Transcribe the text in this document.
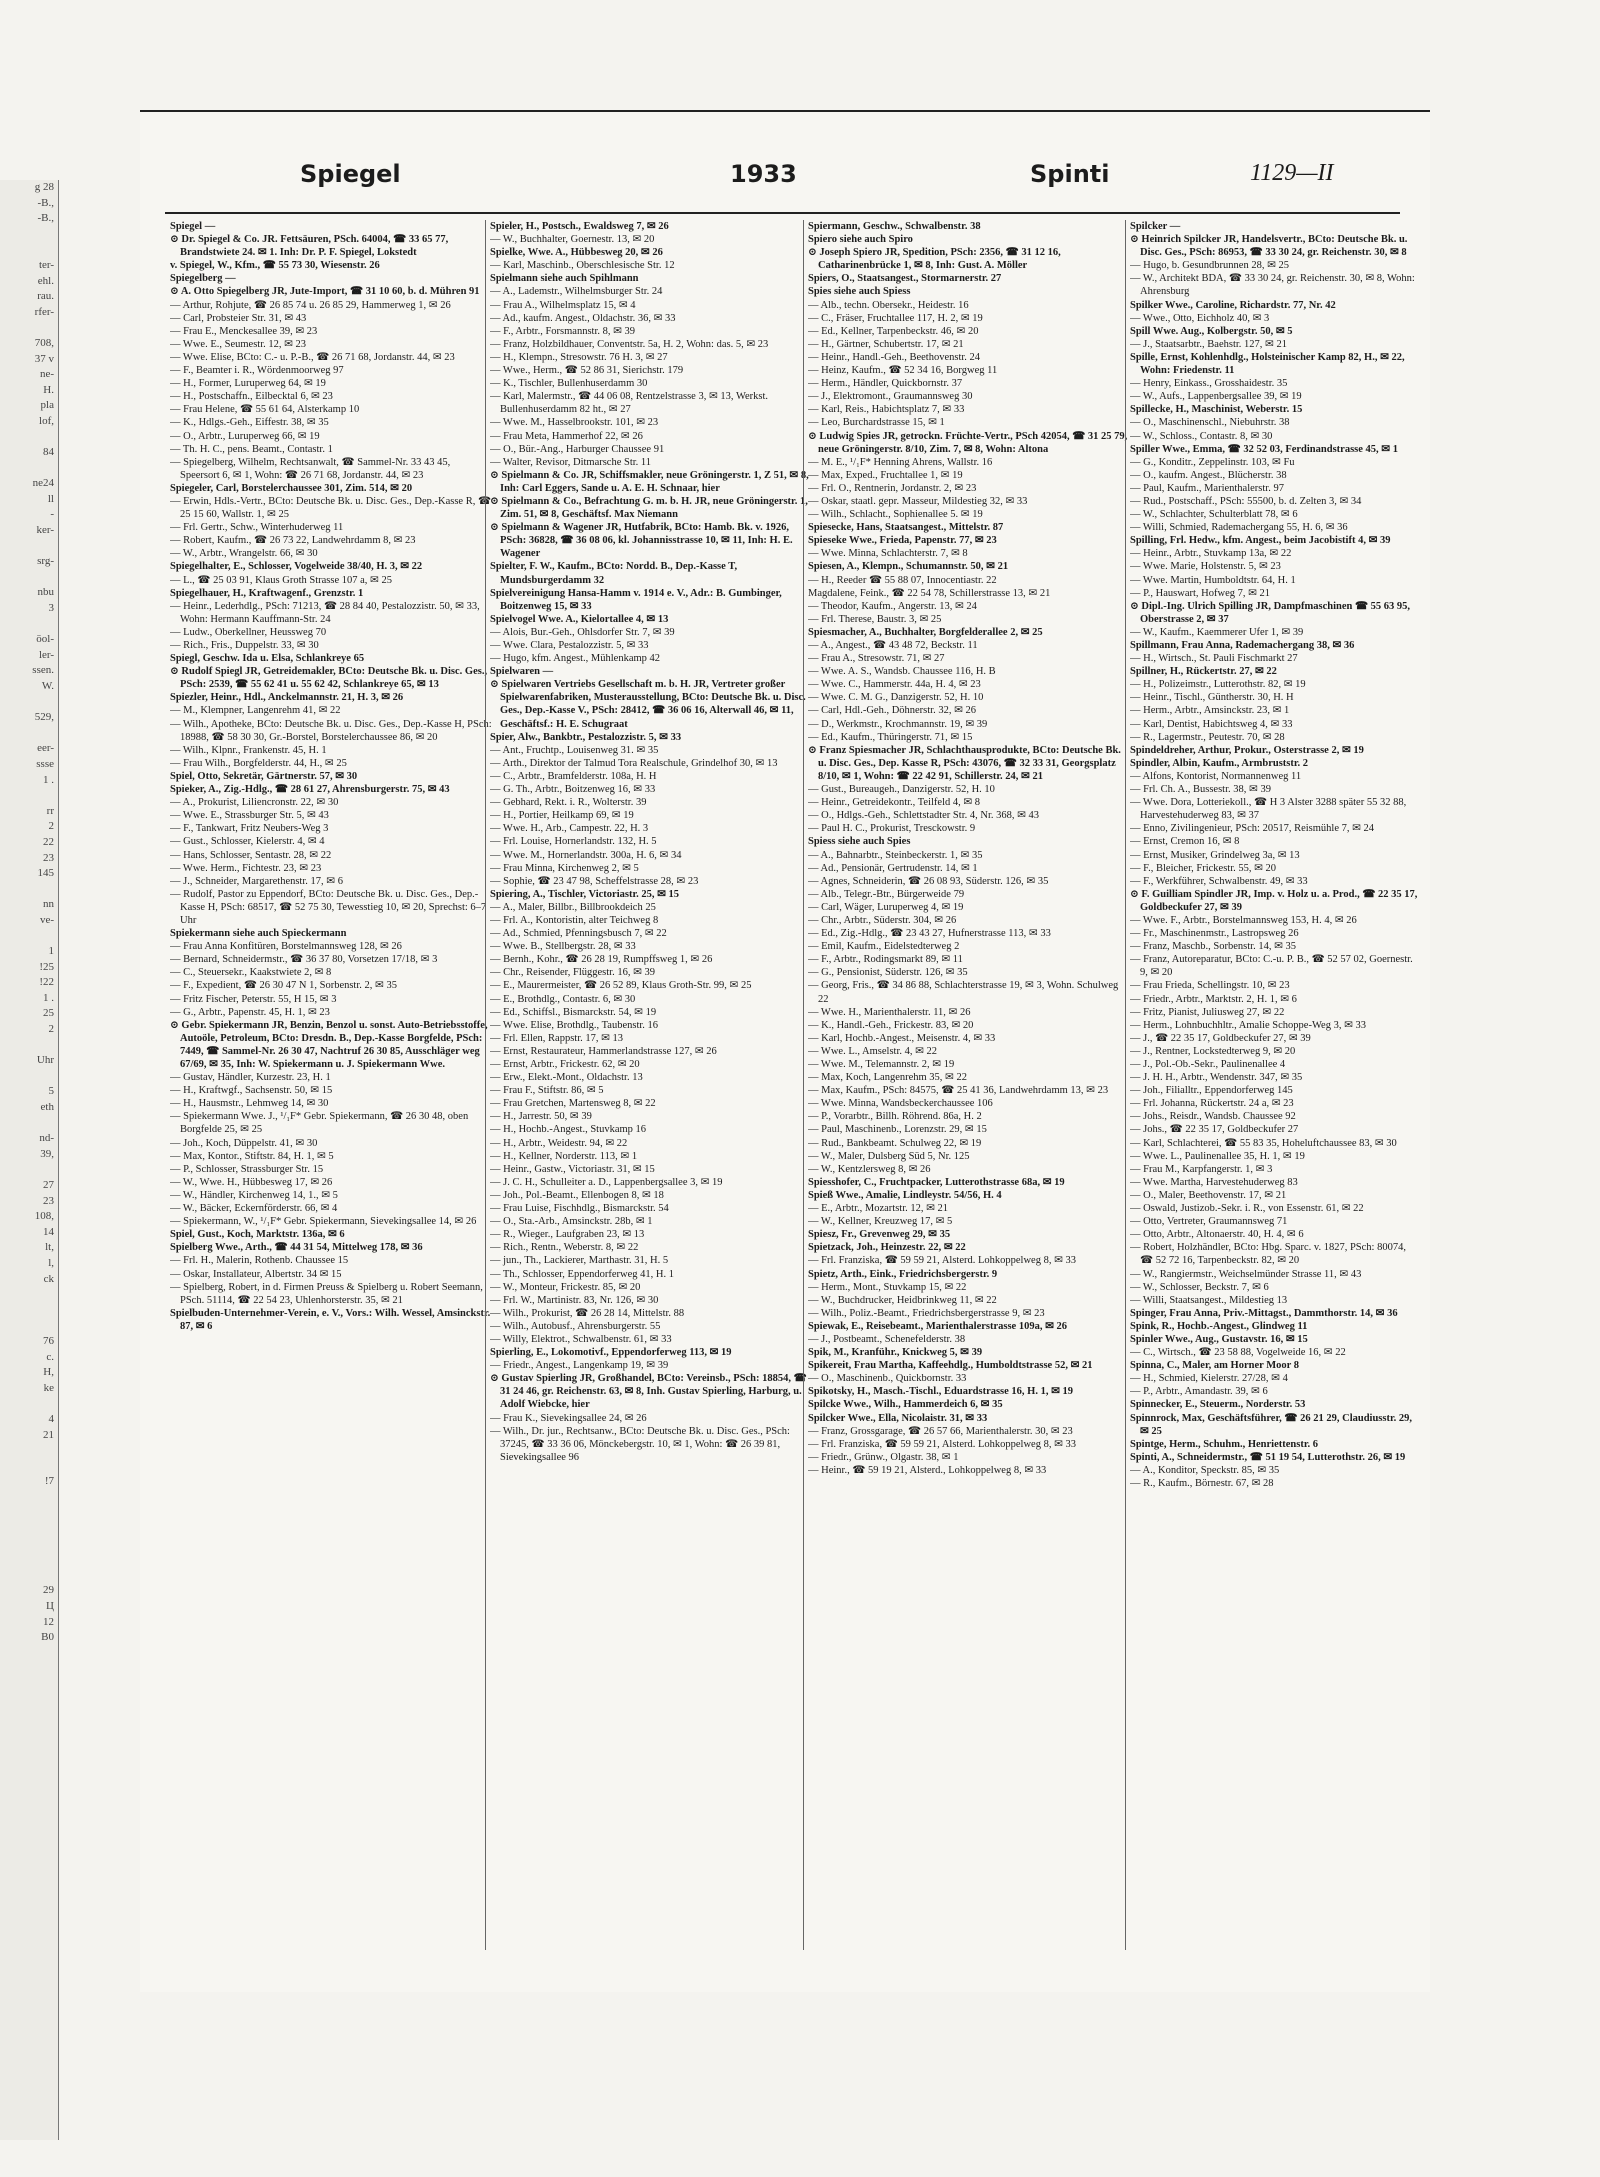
g 28
-B.,
-B.,

ter-
ehl.
rau.
rfer-

708,
37 v
ne-
H.
pla
lof,

84

ne24
ll
-
ker-

srg-

nbu
3

öol-
ler-
ssen.
W.

529,

eer-
ssse
1 .

rr
2
22
23
145

nn
ve-

1
!25
!22
1 .
25
2

Uhr

5
eth

nd-
39,

27
23
108,
14
lt,
l,
ck

76
c.
H,
ke

4
21

!7

29
Ц
12
B0
Spiegel	1933	Spinti	1129—II

Spiegel —

⊙ Dr. Spiegel & Co. JR. Fettsäuren, PSch. 64004, ☎ 33 65 77, Brandstwiete 24. ✉ 1. Inh: Dr. P. F. Spiegel, Lokstedt

v. Spiegel, W., Kfm., ☎ 55 73 30, Wiesenstr. 26

Spiegelberg —

⊙ A. Otto Spiegelberg JR, Jute-Import, ☎ 31 10 60, b. d. Mühren 91

— Arthur, Rohjute, ☎ 26 85 74 u. 26 85 29, Hammerweg 1, ✉ 26

— Carl, Probsteier Str. 31, ✉ 43

— Frau E., Menckesallee 39, ✉ 23

— Wwe. E., Seumestr. 12, ✉ 23

— Wwe. Elise, BCto: C.- u. P.-B., ☎ 26 71 68, Jordanstr. 44, ✉ 23

— F., Beamter i. R., Wördenmoorweg 97

— H., Former, Luruperweg 64, ✉ 19

— H., Postschaffn., Eilbecktal 6, ✉ 23

— Frau Helene, ☎ 55 61 64, Alsterkamp 10

— K., Hdlgs.-Geh., Eiffestr. 38, ✉ 35

— O., Arbtr., Luruperweg 66, ✉ 19

— Th. H. C., pens. Beamt., Contastr. 1

— Spiegelberg, Wilhelm, Rechtsanwalt, ☎ Sammel-Nr. 33 43 45, Speersort 6, ✉ 1, Wohn: ☎ 26 71 68, Jordanstr. 44, ✉ 23

Spiegeler, Carl, Borstelerchaussee 301, Zim. 514, ✉ 20

— Erwin, Hdls.-Vertr., BCto: Deutsche Bk. u. Disc. Ges., Dep.-Kasse R, ☎ 25 15 60, Wallstr. 1, ✉ 25

— Frl. Gertr., Schw., Winterhuderweg 11

— Robert, Kaufm., ☎ 26 73 22, Landwehrdamm 8, ✉ 23

— W., Arbtr., Wrangelstr. 66, ✉ 30

Spiegelhalter, E., Schlosser, Vogelweide 38/40, H. 3, ✉ 22

— L., ☎ 25 03 91, Klaus Groth Strasse 107 a, ✉ 25

Spiegelhauer, H., Kraftwagenf., Grenzstr. 1

— Heinr., Lederhdlg., PSch: 71213, ☎ 28 84 40, Pestalozzistr. 50, ✉ 33, Wohn: Hermann Kauffmann-Str. 24

— Ludw., Oberkellner, Heussweg 70

— Rich., Fris., Duppelstr. 33, ✉ 30

Spiegl, Geschw. Ida u. Elsa, Schlankreye 65

⊙ Rudolf Spiegl JR, Getreidemakler, BCto: Deutsche Bk. u. Disc. Ges., PSch: 2539, ☎ 55 62 41 u. 55 62 42, Schlankreye 65, ✉ 13

Spiezler, Heinr., Hdl., Anckelmannstr. 21, H. 3, ✉ 26

— M., Klempner, Langenrehm 41, ✉ 22

— Wilh., Apotheke, BCto: Deutsche Bk. u. Disc. Ges., Dep.-Kasse H, PSch: 18988, ☎ 58 30 30, Gr.-Borstel, Borstelerchaussee 86, ✉ 20

— Wilh., Klpnr., Frankenstr. 45, H. 1

— Frau Wilh., Borgfelderstr. 44, H., ✉ 25

Spiel, Otto, Sekretär, Gärtnerstr. 57, ✉ 30

Spieker, A., Zig.-Hdlg., ☎ 28 61 27, Ahrensburgerstr. 75, ✉ 43

— A., Prokurist, Liliencronstr. 22, ✉ 30

— Wwe. E., Strassburger Str. 5, ✉ 43

— F., Tankwart, Fritz Neubers-Weg 3

— Gust., Schlosser, Kielerstr. 4, ✉ 4

— Hans, Schlosser, Sentastr. 28, ✉ 22

— Wwe. Herm., Fichtestr. 23, ✉ 23

— J., Schneider, Margarethenstr. 17, ✉ 6

— Rudolf, Pastor zu Eppendorf, BCto: Deutsche Bk. u. Disc. Ges., Dep.-Kasse H, PSch: 68517, ☎ 52 75 30, Tewesstieg 10, ✉ 20, Sprechst: 6–7 Uhr

Spiekermann siehe auch Spieckermann

— Frau Anna Konfitüren, Borstelmannsweg 128, ✉ 26

— Bernard, Schneidermstr., ☎ 36 37 80, Vorsetzen 17/18, ✉ 3

— C., Steuersekr., Kaakstwiete 2, ✉ 8

— F., Expedient, ☎ 26 30 47 N 1, Sorbenstr. 2, ✉ 35

— Fritz Fischer, Peterstr. 55, H 15, ✉ 3

— G., Arbtr., Papenstr. 45, H. 1, ✉ 23

⊙ Gebr. Spiekermann JR, Benzin, Benzol u. sonst. Auto-Betriebsstoffe, Autoöle, Petroleum, BCto: Dresdn. B., Dep.-Kasse Borgfelde, PSch: 7449, ☎ Sammel-Nr. 26 30 47, Nachtruf 26 30 85, Ausschläger weg 67/69, ✉ 35, Inh: W. Spiekermann u. J. Spiekermann Wwe.

— Gustav, Händler, Kurzestr. 23, H. 1

— H., Kraftwgf., Sachsenstr. 50, ✉ 15

— H., Hausmstr., Lehmweg 14, ✉ 30

— Spiekermann Wwe. J., ¹/₁F* Gebr. Spiekermann, ☎ 26 30 48, oben Borgfelde 25, ✉ 25

— Joh., Koch, Düppelstr. 41, ✉ 30

— Max, Kontor., Stiftstr. 84, H. 1, ✉ 5

— P., Schlosser, Strassburger Str. 15

— W., Wwe. H., Hübbesweg 17, ✉ 26

— W., Händler, Kirchenweg 14, 1., ✉ 5

— W., Bäcker, Eckernförderstr. 66, ✉ 4

— Spiekermann, W., ¹/₁F* Gebr. Spiekermann, Sievekingsallee 14, ✉ 26

Spiel, Gust., Koch, Marktstr. 136a, ✉ 6

Spielberg Wwe., Arth., ☎ 44 31 54, Mittelweg 178, ✉ 36

— Frl. H., Malerin, Rothenb. Chaussee 15

— Oskar, Installateur, Albertstr. 34 ✉ 15

— Spielberg, Robert, in d. Firmen Preuss & Spielberg u. Robert Seemann, PSch. 51114, ☎ 22 54 23, Uhlenhorsterstr. 35, ✉ 21

Spielbuden-Unternehmer-Verein, e. V., Vors.: Wilh. Wessel, Amsinckstr. 87, ✉ 6

Spieler, H., Postsch., Ewaldsweg 7, ✉ 26

— W., Buchhalter, Goernestr. 13, ✉ 20

Spielke, Wwe. A., Hübbesweg 20, ✉ 26

— Karl, Maschinb., Oberschlesische Str. 12

Spielmann siehe auch Spihlmann

— A., Lademstr., Wilhelmsburger Str. 24

— Frau A., Wilhelmsplatz 15, ✉ 4

— Ad., kaufm. Angest., Oldachstr. 36, ✉ 33

— F., Arbtr., Forsmannstr. 8, ✉ 39

— Franz, Holzbildhauer, Conventstr. 5a, H. 2, Wohn: das. 5, ✉ 23

— H., Klempn., Stresowstr. 76 H. 3, ✉ 27

— Wwe., Herm., ☎ 52 86 31, Sierichstr. 179

— K., Tischler, Bullenhuserdamm 30

— Karl, Malermstr., ☎ 44 06 08, Rentzelstrasse 3, ✉ 13, Werkst. Bullenhuserdamm 82 ht., ✉ 27

— Wwe. M., Hasselbrookstr. 101, ✉ 23

— Frau Meta, Hammerhof 22, ✉ 26

— O., Bür.-Ang., Harburger Chaussee 91

— Walter, Revisor, Ditmarsche Str. 11

⊙ Spielmann & Co. JR, Schiffsmakler, neue Gröningerstr. 1, Z 51, ✉ 8, Inh: Carl Eggers, Sande u. A. E. H. Schnaar, hier

⊙ Spielmann & Co., Befrachtung G. m. b. H. JR, neue Gröningerstr. 1, Zim. 51, ✉ 8, Geschäftsf. Max Niemann

⊙ Spielmann & Wagener JR, Hutfabrik, BCto: Hamb. Bk. v. 1926, PSch: 36828, ☎ 36 08 06, kl. Johannisstrasse 10, ✉ 11, Inh: H. E. Wagener

Spielter, F. W., Kaufm., BCto: Nordd. B., Dep.-Kasse T, Mundsburgerdamm 32

Spielvereinigung Hansa-Hamm v. 1914 e. V., Adr.: B. Gumbinger, Boitzenweg 15, ✉ 33

Spielvogel Wwe. A., Kielortallee 4, ✉ 13

— Alois, Bur.-Geh., Ohlsdorfer Str. 7, ✉ 39

— Wwe. Clara, Pestalozzistr. 5, ✉ 33

— Hugo, kfm. Angest., Mühlenkamp 42

Spielwaren —

⊙ Spielwaren Vertriebs Gesellschaft m. b. H. JR, Vertreter großer Spielwarenfabriken, Musterausstellung, BCto: Deutsche Bk. u. Disc. Ges., Dep.-Kasse V., PSch: 28412, ☎ 36 06 16, Alterwall 46, ✉ 11, Geschäftsf.: H. E. Schugraat

Spier, Alw., Bankbtr., Pestalozzistr. 5, ✉ 33

— Ant., Fruchtp., Louisenweg 31. ✉ 35

— Arth., Direktor der Talmud Tora Realschule, Grindelhof 30, ✉ 13

— C., Arbtr., Bramfelderstr. 108a, H. H

— G. Th., Arbtr., Boitzenweg 16, ✉ 33

— Gebhard, Rekt. i. R., Wolterstr. 39

— H., Portier, Heilkamp 69, ✉ 19

— Wwe. H., Arb., Campestr. 22, H. 3

— Frl. Louise, Hornerlandstr. 132, H. 5

— Wwe. M., Hornerlandstr. 300a, H. 6, ✉ 34

— Frau Minna, Kirchenweg 2, ✉ 5

— Sophie, ☎ 23 47 98, Scheffelstrasse 28, ✉ 23

Spiering, A., Tischler, Victoriastr. 25, ✉ 15

— A., Maler, Billbr., Billbrookdeich 25

— Frl. A., Kontoristin, alter Teichweg 8

— Ad., Schmied, Pfenningsbusch 7, ✉ 22

— Wwe. B., Stellbergstr. 28, ✉ 33

— Bernh., Kohr., ☎ 26 28 19, Rumpffsweg 1, ✉ 26

— Chr., Reisender, Flüggestr. 16, ✉ 39

— E., Maurermeister, ☎ 26 52 89, Klaus Groth-Str. 99, ✉ 25

— E., Brothdlg., Contastr. 6, ✉ 30

— Ed., Schiffsl., Bismarckstr. 54, ✉ 19

— Wwe. Elise, Brothdlg., Taubenstr. 16

— Frl. Ellen, Rappstr. 17, ✉ 13

— Ernst, Restaurateur, Hammerlandstrasse 127, ✉ 26

— Ernst, Arbtr., Frickestr. 62, ✉ 20

— Erw., Elekt.-Mont., Oldachstr. 13

— Frau F., Stiftstr. 86, ✉ 5

— Frau Gretchen, Martensweg 8, ✉ 22

— H., Jarrestr. 50, ✉ 39

— H., Hochb.-Angest., Stuvkamp 16

— H., Arbtr., Weidestr. 94, ✉ 22

— H., Kellner, Norderstr. 113, ✉ 1

— Heinr., Gastw., Victoriastr. 31, ✉ 15

— J. C. H., Schulleiter a. D., Lappenbergsallee 3, ✉ 19

— Joh., Pol.-Beamt., Ellenbogen 8, ✉ 18

— Frau Luise, Fischhdlg., Bismarckstr. 54

— O., Sta.-Arb., Amsinckstr. 28b, ✉ 1

— R., Wieger., Laufgraben 23, ✉ 13

— Rich., Rentn., Weberstr. 8, ✉ 22

— jun., Th., Lackierer, Marthastr. 31, H. 5

— Th., Schlosser, Eppendorferweg 41, H. 1

— W., Monteur, Frickestr. 85, ✉ 20

— Frl. W., Martinistr. 83, Nr. 126, ✉ 30

— Wilh., Prokurist, ☎ 26 28 14, Mittelstr. 88

— Wilh., Autobusf., Ahrensburgerstr. 55

— Willy, Elektrot., Schwalbenstr. 61, ✉ 33

Spierling, E., Lokomotivf., Eppendorferweg 113, ✉ 19

— Friedr., Angest., Langenkamp 19, ✉ 39

⊙ Gustav Spierling JR, Großhandel, BCto: Vereinsb., PSch: 18854, ☎ 31 24 46, gr. Reichenstr. 63, ✉ 8, Inh. Gustav Spierling, Harburg, u. Adolf Wiebcke, hier

— Frau K., Sievekingsallee 24, ✉ 26

— Wilh., Dr. jur., Rechtsanw., BCto: Deutsche Bk. u. Disc. Ges., PSch: 37245, ☎ 33 36 06, Mönckebergstr. 10, ✉ 1, Wohn: ☎ 26 39 81, Sievekingsallee 96

Spiermann, Geschw., Schwalbenstr. 38

Spiero siehe auch Spiro

⊙ Joseph Spiero JR, Spedition, PSch: 2356, ☎ 31 12 16, Catharinenbrücke 1, ✉ 8, Inh: Gust. A. Möller

Spiers, O., Staatsangest., Stormarnerstr. 27

Spies siehe auch Spiess

— Alb., techn. Obersekr., Heidestr. 16

— C., Fräser, Fruchtallee 117, H. 2, ✉ 19

— Ed., Kellner, Tarpenbeckstr. 46, ✉ 20

— H., Gärtner, Schubertstr. 17, ✉ 21

— Heinr., Handl.-Geh., Beethovenstr. 24

— Heinz, Kaufm., ☎ 52 34 16, Borgweg 11

— Herm., Händler, Quickbornstr. 37

— J., Elektromont., Graumannsweg 30

— Karl, Reis., Habichtsplatz 7, ✉ 33

— Leo, Burchardstrasse 15, ✉ 1

⊙ Ludwig Spies JR, getrockn. Früchte-Vertr., PSch 42054, ☎ 31 25 79, neue Gröningerstr. 8/10, Zim. 7, ✉ 8, Wohn: Altona

— M. E., ¹/₁F* Henning Ahrens, Wallstr. 16

— Max, Exped., Fruchtallee 1, ✉ 19

— Frl. O., Rentnerin, Jordanstr. 2, ✉ 23

— Oskar, staatl. gepr. Masseur, Mildestieg 32, ✉ 33

— Wilh., Schlacht., Sophienallee 5. ✉ 19

Spiesecke, Hans, Staatsangest., Mittelstr. 87

Spieseke Wwe., Frieda, Papenstr. 77, ✉ 23

— Wwe. Minna, Schlachterstr. 7, ✉ 8

Spiesen, A., Klempn., Schumannstr. 50, ✉ 21

— H., Reeder ☎ 55 88 07, Innocentiastr. 22

Magdalene, Feink., ☎ 22 54 78, Schillerstrasse 13, ✉ 21

— Theodor, Kaufm., Angerstr. 13, ✉ 24

— Frl. Therese, Baustr. 3, ✉ 25

Spiesmacher, A., Buchhalter, Borgfelderallee 2, ✉ 25

— A., Angest., ☎ 43 48 72, Beckstr. 11

— Frau A., Stresowstr. 71, ✉ 27

— Wwe. A. S., Wandsb. Chaussee 116, H. B

— Wwe. C., Hammerstr. 44a, H. 4, ✉ 23

— Wwe. C. M. G., Danzigerstr. 52, H. 10

— Carl, Hdl.-Geh., Döhnerstr. 32, ✉ 26

— D., Werkmstr., Krochmannstr. 19, ✉ 39

— Ed., Kaufm., Thüringerstr. 71, ✉ 15

⊙ Franz Spiesmacher JR, Schlachthausprodukte, BCto: Deutsche Bk. u. Disc. Ges., Dep. Kasse R, PSch: 43076, ☎ 32 33 31, Georgsplatz 8/10, ✉ 1, Wohn: ☎ 22 42 91, Schillerstr. 24, ✉ 21

— Gust., Bureaugeh., Danzigerstr. 52, H. 10

— Heinr., Getreidekontr., Teilfeld 4, ✉ 8

— O., Hdlgs.-Geh., Schlettstadter Str. 4, Nr. 368, ✉ 43

— Paul H. C., Prokurist, Tresckowstr. 9

Spiess siehe auch Spies

— A., Bahnarbtr., Steinbeckerstr. 1, ✉ 35

— Ad., Pensionär, Gertrudenstr. 14, ✉ 1

— Agnes, Schneiderin, ☎ 26 08 93, Süderstr. 126, ✉ 35

— Alb., Telegr.-Btr., Bürgerweide 79

— Carl, Wäger, Luruperweg 4, ✉ 19

— Chr., Arbtr., Süderstr. 304, ✉ 26

— Ed., Zig.-Hdlg., ☎ 23 43 27, Hufnerstrasse 113, ✉ 33

— Emil, Kaufm., Eidelstedterweg 2

— F., Arbtr., Rodingsmarkt 89, ✉ 11

— G., Pensionist, Süderstr. 126, ✉ 35

— Georg, Fris., ☎ 34 86 88, Schlachterstrasse 19, ✉ 3, Wohn. Schulweg 22

— Wwe. H., Marienthalerstr. 11, ✉ 26

— K., Handl.-Geh., Frickestr. 83, ✉ 20

— Karl, Hochb.-Angest., Meisenstr. 4, ✉ 33

— Wwe. L., Amselstr. 4, ✉ 22

— Wwe. M., Telemannstr. 2, ✉ 19

— Max, Koch, Langenrehm 35, ✉ 22

— Max, Kaufm., PSch: 84575, ☎ 25 41 36, Landwehrdamm 13, ✉ 23

— Wwe. Minna, Wandsbeckerchaussee 106

— P., Vorarbtr., Billh. Röhrend. 86a, H. 2

— Paul, Maschinenb., Lorenzstr. 29, ✉ 15

— Rud., Bankbeamt. Schulweg 22, ✉ 19

— W., Maler, Dulsberg Süd 5, Nr. 125

— W., Kentzlersweg 8, ✉ 26

Spiesshofer, C., Fruchtpacker, Lutterothstrasse 68a, ✉ 19

Spieß Wwe., Amalie, Lindleystr. 54/56, H. 4

— E., Arbtr., Mozartstr. 12, ✉ 21

— W., Kellner, Kreuzweg 17, ✉ 5

Spiesz, Fr., Grevenweg 29, ✉ 35

Spietzack, Joh., Heinzestr. 22, ✉ 22

— Frl. Franziska, ☎ 59 59 21, Alsterd. Lohkoppelweg 8, ✉ 33

Spietz, Arth., Eink., Friedrichsbergerstr. 9

— Herm., Mont., Stuvkamp 15, ✉ 22

— W., Buchdrucker, Heidbrinkweg 11, ✉ 22

— Wilh., Poliz.-Beamt., Friedrichsbergerstrasse 9, ✉ 23

Spiewak, E., Reisebeamt., Marienthalerstrasse 109a, ✉ 26

— J., Postbeamt., Schenefelderstr. 38

Spik, M., Kranführ., Knickweg 5, ✉ 39

Spikereit, Frau Martha, Kaffeehdlg., Humboldtstrasse 52, ✉ 21

— O., Maschinenb., Quickbornstr. 33

Spikotsky, H., Masch.-Tischl., Eduardstrasse 16, H. 1, ✉ 19

Spilcke Wwe., Wilh., Hammerdeich 6, ✉ 35

Spilcker Wwe., Ella, Nicolaistr. 31, ✉ 33

— Franz, Grossgarage, ☎ 26 57 66, Marienthalerstr. 30, ✉ 23

— Frl. Franziska, ☎ 59 59 21, Alsterd. Lohkoppelweg 8, ✉ 33

— Friedr., Grünw., Olgastr. 38, ✉ 1

— Heinr., ☎ 59 19 21, Alsterd., Lohkoppelweg 8, ✉ 33

Spilcker —

⊙ Heinrich Spilcker JR, Handelsvertr., BCto: Deutsche Bk. u. Disc. Ges., PSch: 86953, ☎ 33 30 24, gr. Reichenstr. 30, ✉ 8

— Hugo, b. Gesundbrunnen 28, ✉ 25

— W., Architekt BDA, ☎ 33 30 24, gr. Reichenstr. 30, ✉ 8, Wohn: Ahrensburg

Spilker Wwe., Caroline, Richardstr. 77, Nr. 42

— Wwe., Otto, Eichholz 40, ✉ 3

Spill Wwe. Aug., Kolbergstr. 50, ✉ 5

— J., Staatsarbtr., Baehstr. 127, ✉ 21

Spille, Ernst, Kohlenhdlg., Holsteinischer Kamp 82, H., ✉ 22, Wohn: Friedenstr. 11

— Henry, Einkass., Grosshaidestr. 35

— W., Aufs., Lappenbergsallee 39, ✉ 19

Spillecke, H., Maschinist, Weberstr. 15

— O., Maschinenschl., Niebuhrstr. 38

— W., Schloss., Contastr. 8, ✉ 30

Spiller Wwe., Emma, ☎ 32 52 03, Ferdinandstrasse 45, ✉ 1

— G., Konditr., Zeppelinstr. 103, ✉ Fu

— O., kaufm. Angest., Blücherstr. 38

— Paul, Kaufm., Marienthalerstr. 97

— Rud., Postschaff., PSch: 55500, b. d. Zelten 3, ✉ 34

— W., Schlachter, Schulterblatt 78, ✉ 6

— Willi, Schmied, Rademachergang 55, H. 6, ✉ 36

Spilling, Frl. Hedw., kfm. Angest., beim Jacobistift 4, ✉ 39

— Heinr., Arbtr., Stuvkamp 13a, ✉ 22

— Wwe. Marie, Holstenstr. 5, ✉ 23

— Wwe. Martin, Humboldtstr. 64, H. 1

— P., Hauswart, Hofweg 7, ✉ 21

⊙ Dipl.-Ing. Ulrich Spilling JR, Dampfmaschinen ☎ 55 63 95, Oberstrasse 2, ✉ 37

— W., Kaufm., Kaemmerer Ufer 1, ✉ 39

Spillmann, Frau Anna, Rademachergang 38, ✉ 36

— H., Wirtsch., St. Pauli Fischmarkt 27

Spillner, H., Rückertstr. 27, ✉ 22

— H., Polizeimstr., Lutterothstr. 82, ✉ 19

— Heinr., Tischl., Güntherstr. 30, H. H

— Herm., Arbtr., Amsinckstr. 23, ✉ 1

— Karl, Dentist, Habichtsweg 4, ✉ 33

— R., Lagermstr., Peutestr. 70, ✉ 28

Spindeldreher, Arthur, Prokur., Osterstrasse 2, ✉ 19

Spindler, Albin, Kaufm., Armbruststr. 2

— Alfons, Kontorist, Normannenweg 11

— Frl. Ch. A., Bussestr. 38, ✉ 39

— Wwe. Dora, Lotteriekoll., ☎ H 3 Alster 3288 später 55 32 88, Harvestehuderweg 83, ✉ 37

— Enno, Zivilingenieur, PSch: 20517, Reismühle 7, ✉ 24

— Ernst, Cremon 16, ✉ 8

— Ernst, Musiker, Grindelweg 3a, ✉ 13

— F., Bleicher, Frickestr. 55, ✉ 20

— F., Werkführer, Schwalbenstr. 49, ✉ 33

⊙ F. Guilliam Spindler JR, Imp. v. Holz u. a. Prod., ☎ 22 35 17, Goldbeckufer 27, ✉ 39

— Wwe. F., Arbtr., Borstelmannsweg 153, H. 4, ✉ 26

— Fr., Maschinenmstr., Lastropsweg 26

— Franz, Maschb., Sorbenstr. 14, ✉ 35

— Franz, Autoreparatur, BCto: C.-u. P. B., ☎ 52 57 02, Goernestr. 9, ✉ 20

— Frau Frieda, Schellingstr. 10, ✉ 23

— Friedr., Arbtr., Marktstr. 2, H. 1, ✉ 6

— Fritz, Pianist, Juliusweg 27, ✉ 22

— Herm., Lohnbuchhltr., Amalie Schoppe-Weg 3, ✉ 33

— J., ☎ 22 35 17, Goldbeckufer 27, ✉ 39

— J., Rentner, Lockstedterweg 9, ✉ 20

— J., Pol.-Ob.-Sekr., Paulinenallee 4

— J. H. H., Arbtr., Wendenstr. 347, ✉ 35

— Joh., Filialltr., Eppendorferweg 145

— Frl. Johanna, Rückertstr. 24 a, ✉ 23

— Johs., Reisdr., Wandsb. Chaussee 92

— Johs., ☎ 22 35 17, Goldbeckufer 27

— Karl, Schlachterei, ☎ 55 83 35, Hoheluftchaussee 83, ✉ 30

— Wwe. L., Paulinenallee 35, H. 1, ✉ 19

— Frau M., Karpfangerstr. 1, ✉ 3

— Wwe. Martha, Harvestehuderweg 83

— O., Maler, Beethovenstr. 17, ✉ 21

— Oswald, Justizob.-Sekr. i. R., von Essenstr. 61, ✉ 22

— Otto, Vertreter, Graumannsweg 71

— Otto, Arbtr., Altonaerstr. 40, H. 4, ✉ 6

— Robert, Holzhändler, BCto: Hbg. Sparc. v. 1827, PSch: 80074, ☎ 52 72 16, Tarpenbeckstr. 82, ✉ 20

— W., Rangiermstr., Weichselmünder Strasse 11, ✉ 43

— W., Schlosser, Beckstr. 7, ✉ 6

— Willi, Staatsangest., Mildestieg 13

Spinger, Frau Anna, Priv.-Mittagst., Dammthorstr. 14, ✉ 36

Spink, R., Hochb.-Angest., Glindweg 11

Spinler Wwe., Aug., Gustavstr. 16, ✉ 15

— C., Wirtsch., ☎ 23 58 88, Vogelweide 16, ✉ 22

Spinna, C., Maler, am Horner Moor 8

— H., Schmied, Kielerstr. 27/28, ✉ 4

— P., Arbtr., Amandastr. 39, ✉ 6

Spinnecker, E., Steuerm., Norderstr. 53

Spinnrock, Max, Geschäftsführer, ☎ 26 21 29, Claudiusstr. 29, ✉ 25

Spintge, Herm., Schuhm., Henriettenstr. 6

Spinti, A., Schneidermstr., ☎ 51 19 54, Lutterothstr. 26, ✉ 19

— A., Konditor, Speckstr. 85, ✉ 35

— R., Kaufm., Börnestr. 67, ✉ 28
